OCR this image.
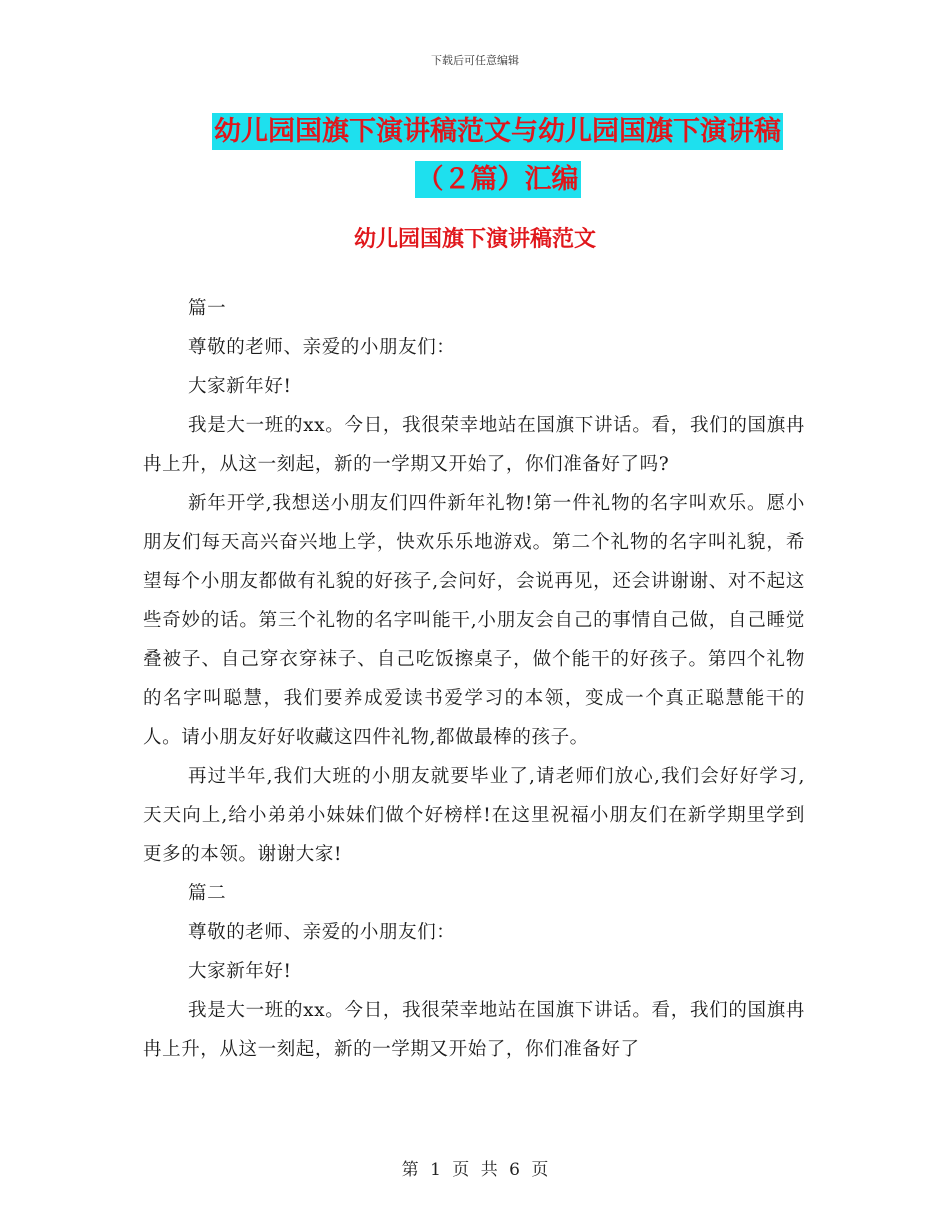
下载后可任意编辑
幼儿园国旗下演讲稿范文与幼儿园国旗下演讲稿（２篇）汇编
幼儿园国旗下演讲稿范文

篇一

尊敬的老师、亲爱的小朋友们：

大家新年好!

我是大一班的xx。今日，我很荣幸地站在国旗下讲话。看，我们的国旗冉冉上升，从这一刻起，新的一学期又开始了，你们准备好了吗?

新年开学,我想送小朋友们四件新年礼物!第一件礼物的名字叫欢乐。愿小朋友们每天高兴奋兴地上学，快欢乐乐地游戏。第二个礼物的名字叫礼貌，希望每个小朋友都做有礼貌的好孩子,会问好，会说再见，还会讲谢谢、对不起这些奇妙的话。第三个礼物的名字叫能干,小朋友会自己的事情自己做，自己睡觉叠被子、自己穿衣穿袜子、自己吃饭擦桌子，做个能干的好孩子。第四个礼物的名字叫聪慧，我们要养成爱读书爱学习的本领，变成一个真正聪慧能干的人。请小朋友好好收藏这四件礼物,都做最棒的孩子。

再过半年,我们大班的小朋友就要毕业了,请老师们放心,我们会好好学习,天天向上,给小弟弟小妹妹们做个好榜样!在这里祝福小朋友们在新学期里学到更多的本领。谢谢大家!

篇二

尊敬的老师、亲爱的小朋友们：

大家新年好!

我是大一班的xx。今日，我很荣幸地站在国旗下讲话。看，我们的国旗冉冉上升，从这一刻起，新的一学期又开始了，你们准备好了

第 1 页 共 6 页
